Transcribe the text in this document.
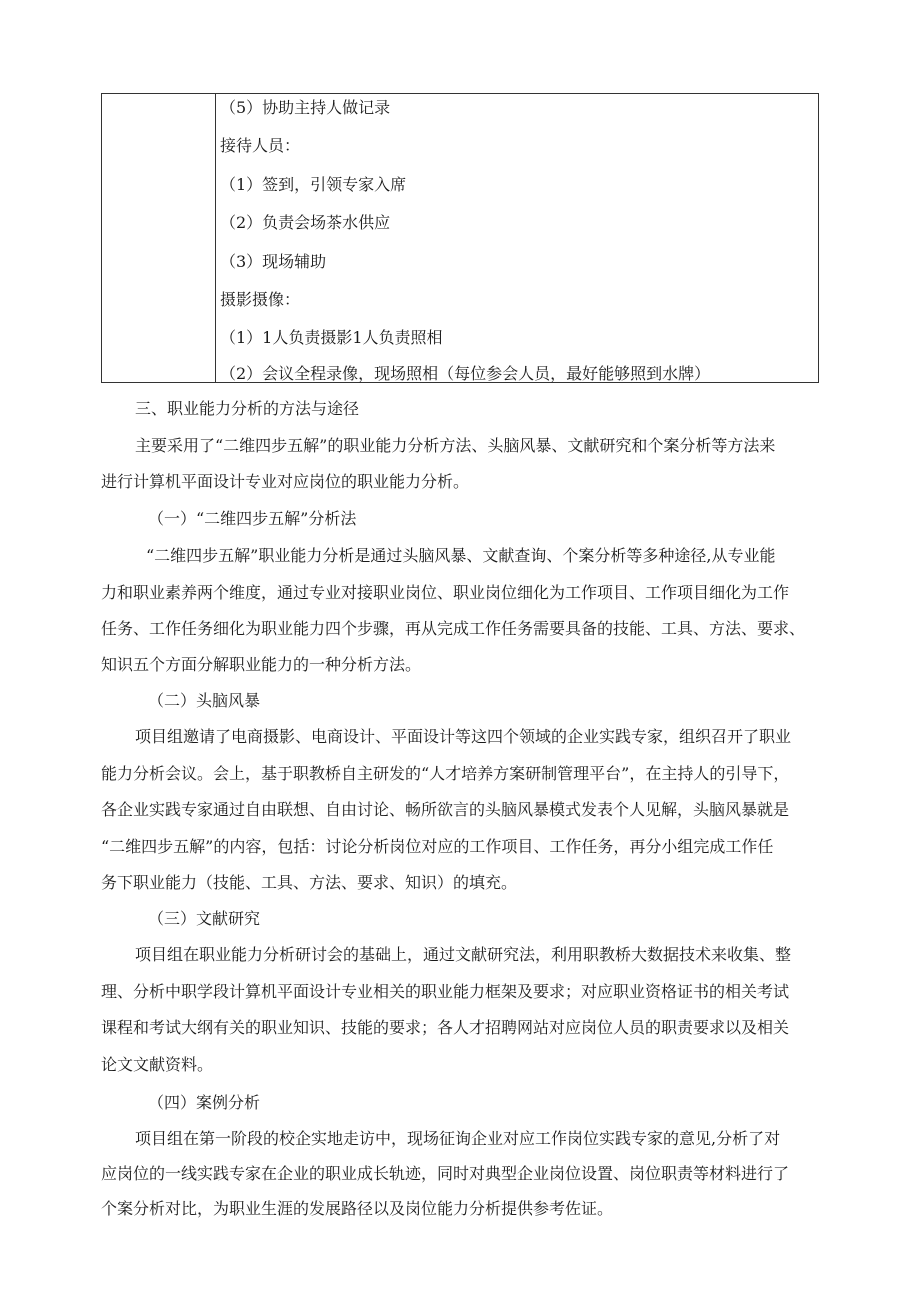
（5）协助主持人做记录
接待人员：
（1）签到，引领专家入席
（2）负责会场茶水供应
（3）现场辅助
摄影摄像：
（1）1人负责摄影1人负责照相
（2）会议全程录像，现场照相（每位参会人员，最好能够照到水牌）
三、职业能力分析的方法与途径
主要采用了“二维四步五解”的职业能力分析方法、头脑风暴、文献研究和个案分析等方法来
进行计算机平面设计专业对应岗位的职业能力分析。
（一）“二维四步五解”分析法
“二维四步五解”职业能力分析是通过头脑风暴、文献查询、个案分析等多种途径,从专业能
力和职业素养两个维度，通过专业对接职业岗位、职业岗位细化为工作项目、工作项目细化为工作
任务、工作任务细化为职业能力四个步骤，再从完成工作任务需要具备的技能、工具、方法、要求、
知识五个方面分解职业能力的一种分析方法。
（二）头脑风暴
项目组邀请了电商摄影、电商设计、平面设计等这四个领域的企业实践专家，组织召开了职业
能力分析会议。会上，基于职教桥自主研发的“人才培养方案研制管理平台”，在主持人的引导下，
各企业实践专家通过自由联想、自由讨论、畅所欲言的头脑风暴模式发表个人见解，头脑风暴就是
“二维四步五解”的内容，包括：讨论分析岗位对应的工作项目、工作任务，再分小组完成工作任
务下职业能力（技能、工具、方法、要求、知识）的填充。
（三）文献研究
项目组在职业能力分析研讨会的基础上，通过文献研究法，利用职教桥大数据技术来收集、整
理、分析中职学段计算机平面设计专业相关的职业能力框架及要求；对应职业资格证书的相关考试
课程和考试大纲有关的职业知识、技能的要求；各人才招聘网站对应岗位人员的职责要求以及相关
论文文献资料。
（四）案例分析
项目组在第一阶段的校企实地走访中，现场征询企业对应工作岗位实践专家的意见,分析了对
应岗位的一线实践专家在企业的职业成长轨迹，同时对典型企业岗位设置、岗位职责等材料进行了
个案分析对比，为职业生涯的发展路径以及岗位能力分析提供参考佐证。
